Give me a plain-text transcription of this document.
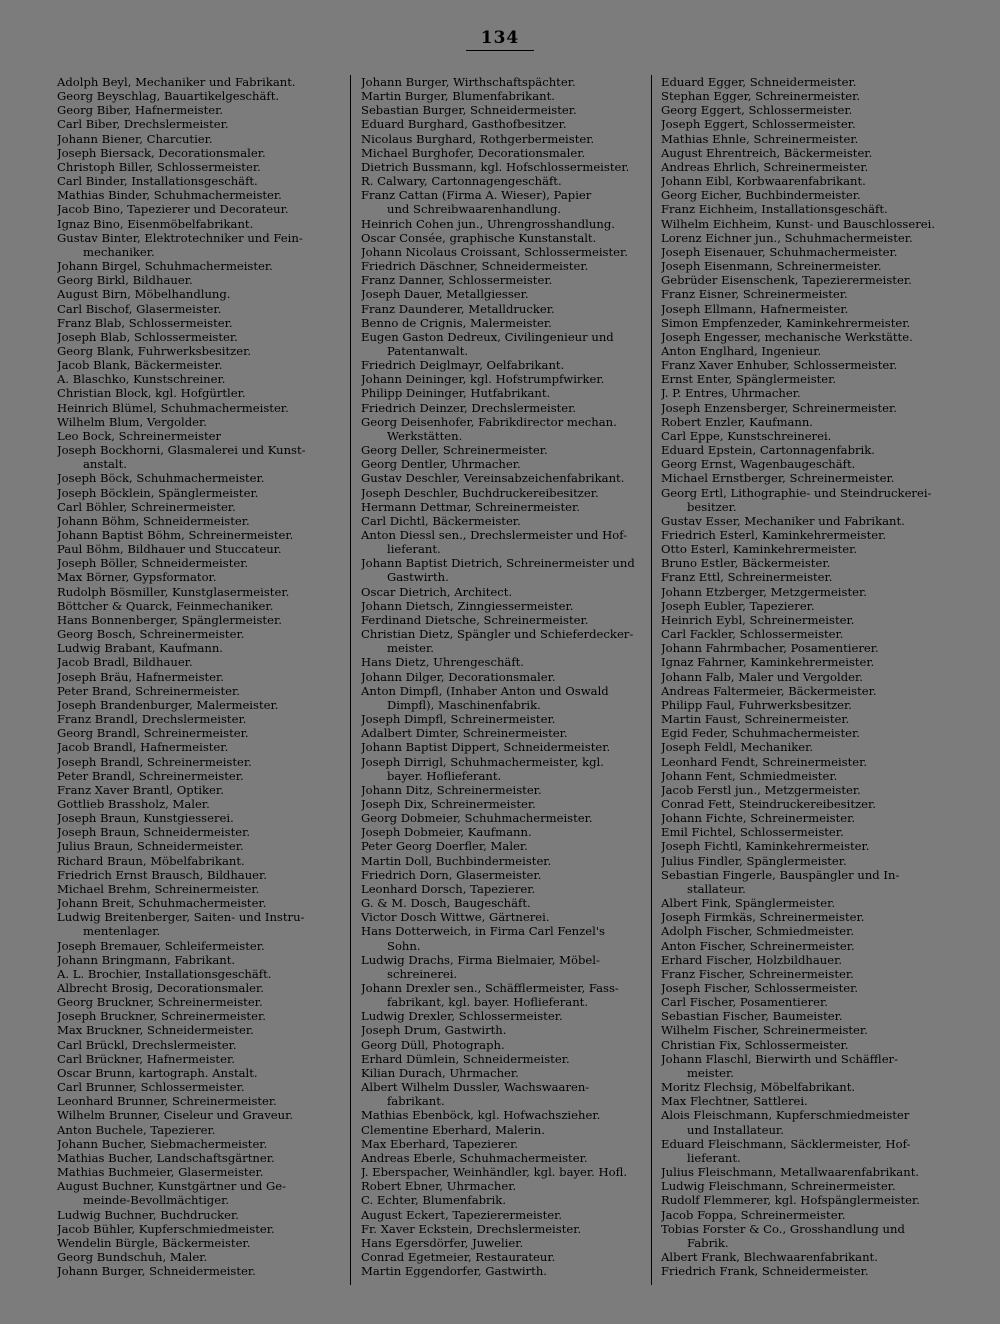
134
Adolph Beyl, Mechaniker und Fabrikant.
Georg Beyschlag, Bauartikelgeschäft.
Georg Biber, Hafnermeister.
Carl Biber, Drechslermeister.
Johann Biener, Charcutier.
Joseph Biersack, Decorationsmaler.
Christoph Biller, Schlossermeister.
Carl Binder, Installationsgeschäft.
Mathias Binder, Schuhmachermeister.
Jacob Bino, Tapezierer und Decorateur.
Ignaz Bino, Eisenmöbelfabrikant.
Gustav Binter, Elektrotechniker und Fein-
mechaniker.
Johann Birgel, Schuhmachermeister.
Georg Birkl, Bildhauer.
August Birn, Möbelhandlung.
Carl Bischof, Glasermeister.
Franz Blab, Schlossermeister.
Joseph Blab, Schlossermeister.
Georg Blank, Fuhrwerksbesitzer.
Jacob Blank, Bäckermeister.
A. Blaschko, Kunstschreiner.
Christian Block, kgl. Hofgürtler.
Heinrich Blümel, Schuhmachermeister.
Wilhelm Blum, Vergolder.
Leo Bock, Schreinermeister
Joseph Bockhorni, Glasmalerei und Kunst-
anstalt.
Joseph Böck, Schuhmachermeister.
Joseph Böcklein, Spänglermeister.
Carl Böhler, Schreinermeister.
Johann Böhm, Schneidermeister.
Johann Baptist Böhm, Schreinermeister.
Paul Böhm, Bildhauer und Stuccateur.
Joseph Böller, Schneidermeister.
Max Börner, Gypsformator.
Rudolph Bösmiller, Kunstglasermeister.
Böttcher & Quarck, Feinmechaniker.
Hans Bonnenberger, Spänglermeister.
Georg Bosch, Schreinermeister.
Ludwig Brabant, Kaufmann.
Jacob Bradl, Bildhauer.
Joseph Bräu, Hafnermeister.
Peter Brand, Schreinermeister.
Joseph Brandenburger, Malermeister.
Franz Brandl, Drechslermeister.
Georg Brandl, Schreinermeister.
Jacob Brandl, Hafnermeister.
Joseph Brandl, Schreinermeister.
Peter Brandl, Schreinermeister.
Franz Xaver Brantl, Optiker.
Gottlieb Brassholz, Maler.
Joseph Braun, Kunstgiesserei.
Joseph Braun, Schneidermeister.
Julius Braun, Schneidermeister.
Richard Braun, Möbelfabrikant.
Friedrich Ernst Brausch, Bildhauer.
Michael Brehm, Schreinermeister.
Johann Breit, Schuhmachermeister.
Ludwig Breitenberger, Saiten- und Instru-
mentenlager.
Joseph Bremauer, Schleifermeister.
Johann Bringmann, Fabrikant.
A. L. Brochier, Installationsgeschäft.
Albrecht Brosig, Decorationsmaler.
Georg Bruckner, Schreinermeister.
Joseph Bruckner, Schreinermeister.
Max Bruckner, Schneidermeister.
Carl Brückl, Drechslermeister.
Carl Brückner, Hafnermeister.
Oscar Brunn, kartograph. Anstalt.
Carl Brunner, Schlossermeister.
Leonhard Brunner, Schreinermeister.
Wilhelm Brunner, Ciseleur und Graveur.
Anton Buchele, Tapezierer.
Johann Bucher, Siebmachermeister.
Mathias Bucher, Landschaftsgärtner.
Mathias Buchmeier, Glasermeister.
August Buchner, Kunstgärtner und Ge-
meinde-Bevollmächtiger.
Ludwig Buchner, Buchdrucker.
Jacob Bühler, Kupferschmiedmeister.
Wendelin Bürgle, Bäckermeister.
Georg Bundschuh, Maler.
Johann Burger, Schneidermeister.
Johann Burger, Wirthschaftspächter.
Martin Burger, Blumenfabrikant.
Sebastian Burger, Schneidermeister.
Eduard Burghard, Gasthofbesitzer.
Nicolaus Burghard, Rothgerbermeister.
Michael Burghofer, Decorationsmaler.
Dietrich Bussmann, kgl. Hofschlossermeister.
R. Calwary, Cartonnagengeschäft.
Franz Cattan (Firma A. Wieser), Papier
und Schreibwaarenhandlung.
Heinrich Cohen jun., Uhrengrosshandlung.
Oscar Consée, graphische Kunstanstalt.
Johann Nicolaus Croissant, Schlossermeister.
Friedrich Däschner, Schneidermeister.
Franz Danner, Schlossermeister.
Joseph Dauer, Metallgiesser.
Franz Daunderer, Metalldrucker.
Benno de Crignis, Malermeister.
Eugen Gaston Dedreux, Civilingenieur und
Patentanwalt.
Friedrich Deiglmayr, Oelfabrikant.
Johann Deininger, kgl. Hofstrumpfwirker.
Philipp Deininger, Hutfabrikant.
Friedrich Deinzer, Drechslermeister.
Georg Deisenhofer, Fabrikdirector mechan.
Werkstätten.
Georg Deller, Schreinermeister.
Georg Dentler, Uhrmacher.
Gustav Deschler, Vereinsabzeichenfabrikant.
Joseph Deschler, Buchdruckereibesitzer.
Hermann Dettmar, Schreinermeister.
Carl Dichtl, Bäckermeister.
Anton Diessl sen., Drechslermeister und Hof-
lieferant.
Johann Baptist Dietrich, Schreinermeister und
Gastwirth.
Oscar Dietrich, Architect.
Johann Dietsch, Zinngiessermeister.
Ferdinand Dietsche, Schreinermeister.
Christian Dietz, Spängler und Schieferdecker-
meister.
Hans Dietz, Uhrengeschäft.
Johann Dilger, Decorationsmaler.
Anton Dimpfl, (Inhaber Anton und Oswald
Dimpfl), Maschinenfabrik.
Joseph Dimpfl, Schreinermeister.
Adalbert Dimter, Schreinermeister.
Johann Baptist Dippert, Schneidermeister.
Joseph Dirrigl, Schuhmachermeister, kgl.
bayer. Hoflieferant.
Johann Ditz, Schreinermeister.
Joseph Dix, Schreinermeister.
Georg Dobmeier, Schuhmachermeister.
Joseph Dobmeier, Kaufmann.
Peter Georg Doerfler, Maler.
Martin Doll, Buchbindermeister.
Friedrich Dorn, Glasermeister.
Leonhard Dorsch, Tapezierer.
G. & M. Dosch, Baugeschäft.
Victor Dosch Wittwe, Gärtnerei.
Hans Dotterweich, in Firma Carl Fenzel's
Sohn.
Ludwig Drachs, Firma Bielmaier, Möbel-
schreinerei.
Johann Drexler sen., Schäfflermeister, Fass-
fabrikant, kgl. bayer. Hoflieferant.
Ludwig Drexler, Schlossermeister.
Joseph Drum, Gastwirth.
Georg Düll, Photograph.
Erhard Dümlein, Schneidermeister.
Kilian Durach, Uhrmacher.
Albert Wilhelm Dussler, Wachswaaren-
fabrikant.
Mathias Ebenböck, kgl. Hofwachszieher.
Clementine Eberhard, Malerin.
Max Eberhard, Tapezierer.
Andreas Eberle, Schuhmachermeister.
J. Eberspacher, Weinhändler, kgl. bayer. Hofl.
Robert Ebner, Uhrmacher.
C. Echter, Blumenfabrik.
August Eckert, Tapezierermeister.
Fr. Xaver Eckstein, Drechslermeister.
Hans Egersdörfer, Juwelier.
Conrad Egetmeier, Restaurateur.
Martin Eggendorfer, Gastwirth.
Eduard Egger, Schneidermeister.
Stephan Egger, Schreinermeister.
Georg Eggert, Schlossermeister.
Joseph Eggert, Schlossermeister.
Mathias Ehnle, Schreinermeister.
August Ehrentreich, Bäckermeister.
Andreas Ehrlich, Schreinermeister.
Johann Eibl, Korbwaarenfabrikant.
Georg Eicher, Buchbindermeister.
Franz Eichheim, Installationsgeschäft.
Wilhelm Eichheim, Kunst- und Bauschlosserei.
Lorenz Eichner jun., Schuhmachermeister.
Joseph Eisenauer, Schuhmachermeister.
Joseph Eisenmann, Schreinermeister.
Gebrüder Eisenschenk, Tapezierermeister.
Franz Eisner, Schreinermeister.
Joseph Ellmann, Hafnermeister.
Simon Empfenzeder, Kaminkehrermeister.
Joseph Engesser, mechanische Werkstätte.
Anton Englhard, Ingenieur.
Franz Xaver Enhuber, Schlossermeister.
Ernst Enter, Spänglermeister.
J. P. Entres, Uhrmacher.
Joseph Enzensberger, Schreinermeister.
Robert Enzler, Kaufmann.
Carl Eppe, Kunstschreinerei.
Eduard Epstein, Cartonnagenfabrik.
Georg Ernst, Wagenbaugeschäft.
Michael Ernstberger, Schreinermeister.
Georg Ertl, Lithographie- und Steindruckerei-
besitzer.
Gustav Esser, Mechaniker und Fabrikant.
Friedrich Esterl, Kaminkehrermeister.
Otto Esterl, Kaminkehrermeister.
Bruno Estler, Bäckermeister.
Franz Ettl, Schreinermeister.
Johann Etzberger, Metzgermeister.
Joseph Eubler, Tapezierer.
Heinrich Eybl, Schreinermeister.
Carl Fackler, Schlossermeister.
Johann Fahrmbacher, Posamentierer.
Ignaz Fahrner, Kaminkehrermeister.
Johann Falb, Maler und Vergolder.
Andreas Faltermeier, Bäckermeister.
Philipp Faul, Fuhrwerksbesitzer.
Martin Faust, Schreinermeister.
Egid Feder, Schuhmachermeister.
Joseph Feldl, Mechaniker.
Leonhard Fendt, Schreinermeister.
Johann Fent, Schmiedmeister.
Jacob Ferstl jun., Metzgermeister.
Conrad Fett, Steindruckereibesitzer.
Johann Fichte, Schreinermeister.
Emil Fichtel, Schlossermeister.
Joseph Fichtl, Kaminkehrermeister.
Julius Findler, Spänglermeister.
Sebastian Fingerle, Bauspängler und In-
stallateur.
Albert Fink, Spänglermeister.
Joseph Firmkäs, Schreinermeister.
Adolph Fischer, Schmiedmeister.
Anton Fischer, Schreinermeister.
Erhard Fischer, Holzbildhauer.
Franz Fischer, Schreinermeister.
Joseph Fischer, Schlossermeister.
Carl Fischer, Posamentierer.
Sebastian Fischer, Baumeister.
Wilhelm Fischer, Schreinermeister.
Christian Fix, Schlossermeister.
Johann Flaschl, Bierwirth und Schäffler-
meister.
Moritz Flechsig, Möbelfabrikant.
Max Flechtner, Sattlerei.
Alois Fleischmann, Kupferschmiedmeister
und Installateur.
Eduard Fleischmann, Säcklermeister, Hof-
lieferant.
Julius Fleischmann, Metallwaarenfabrikant.
Ludwig Fleischmann, Schreinermeister.
Rudolf Flemmerer, kgl. Hofspänglermeister.
Jacob Foppa, Schreinermeister.
Tobias Forster & Co., Grosshandlung und
Fabrik.
Albert Frank, Blechwaarenfabrikant.
Friedrich Frank, Schneidermeister.
